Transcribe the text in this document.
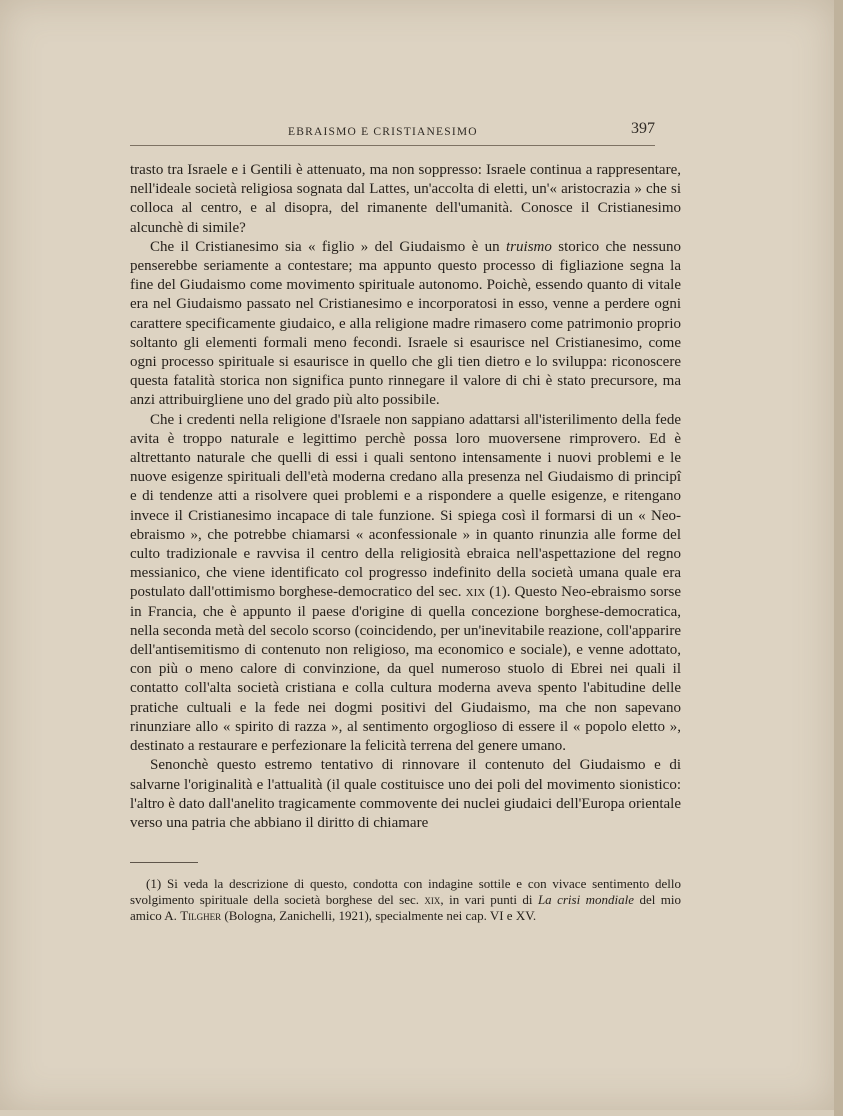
EBRAISMO E CRISTIANESIMO	397

trasto tra Israele e i Gentili è attenuato, ma non soppresso: Israele continua a rappresentare, nell'ideale società religiosa sognata dal Lattes, un'accolta di eletti, un'« aristocrazia » che si colloca al centro, e al disopra, del rimanente dell'umanità. Conosce il Cristianesimo alcunchè di simile?

Che il Cristianesimo sia « figlio » del Giudaismo è un truismo storico che nessuno penserebbe seriamente a contestare; ma appunto questo processo di figliazione segna la fine del Giudaismo come movimento spirituale autonomo. Poichè, essendo quanto di vitale era nel Giudaismo passato nel Cristianesimo e incorporatosi in esso, venne a perdere ogni carattere specificamente giudaico, e alla religione madre rimasero come patrimonio proprio soltanto gli elementi formali meno fecondi. Israele si esaurisce nel Cristianesimo, come ogni processo spirituale si esaurisce in quello che gli tien dietro e lo sviluppa: riconoscere questa fatalità storica non significa punto rinnegare il valore di chi è stato precursore, ma anzi attribuirgliene uno del grado più alto possibile.

Che i credenti nella religione d'Israele non sappiano adattarsi all'isterilimento della fede avita è troppo naturale e legittimo perchè possa loro muoversene rimprovero. Ed è altrettanto naturale che quelli di essi i quali sentono intensamente i nuovi problemi e le nuove esigenze spirituali dell'età moderna credano alla presenza nel Giudaismo di principî e di tendenze atti a risolvere quei problemi e a rispondere a quelle esigenze, e ritengano invece il Cristianesimo incapace di tale funzione. Si spiega così il formarsi di un « Neo-ebraismo », che potrebbe chiamarsi « aconfessionale » in quanto rinunzia alle forme del culto tradizionale e ravvisa il centro della religiosità ebraica nell'aspettazione del regno messianico, che viene identificato col progresso indefinito della società umana quale era postulato dall'ottimismo borghese-democratico del sec. xix (1). Questo Neo-ebraismo sorse in Francia, che è appunto il paese d'origine di quella concezione borghese-democratica, nella seconda metà del secolo scorso (coincidendo, per un'inevitabile reazione, coll'apparire dell'antisemitismo di contenuto non religioso, ma economico e sociale), e venne adottato, con più o meno calore di convinzione, da quel numeroso stuolo di Ebrei nei quali il contatto coll'alta società cristiana e colla cultura moderna aveva spento l'abitudine delle pratiche cultuali e la fede nei dogmi positivi del Giudaismo, ma che non sapevano rinunziare allo « spirito di razza », al sentimento orgoglioso di essere il « popolo eletto », destinato a restaurare e perfezionare la felicità terrena del genere umano.

Senonchè questo estremo tentativo di rinnovare il contenuto del Giudaismo e di salvarne l'originalità e l'attualità (il quale costituisce uno dei poli del movimento sionistico: l'altro è dato dall'anelito tragicamente commovente dei nuclei giudaici dell'Europa orientale verso una patria che abbiano il diritto di chiamare

(1) Si veda la descrizione di questo, condotta con indagine sottile e con vivace sentimento dello svolgimento spirituale della società borghese del sec. xix, in vari punti di La crisi mondiale del mio amico A. Tilgher (Bologna, Zanichelli, 1921), specialmente nei cap. VI e XV.
